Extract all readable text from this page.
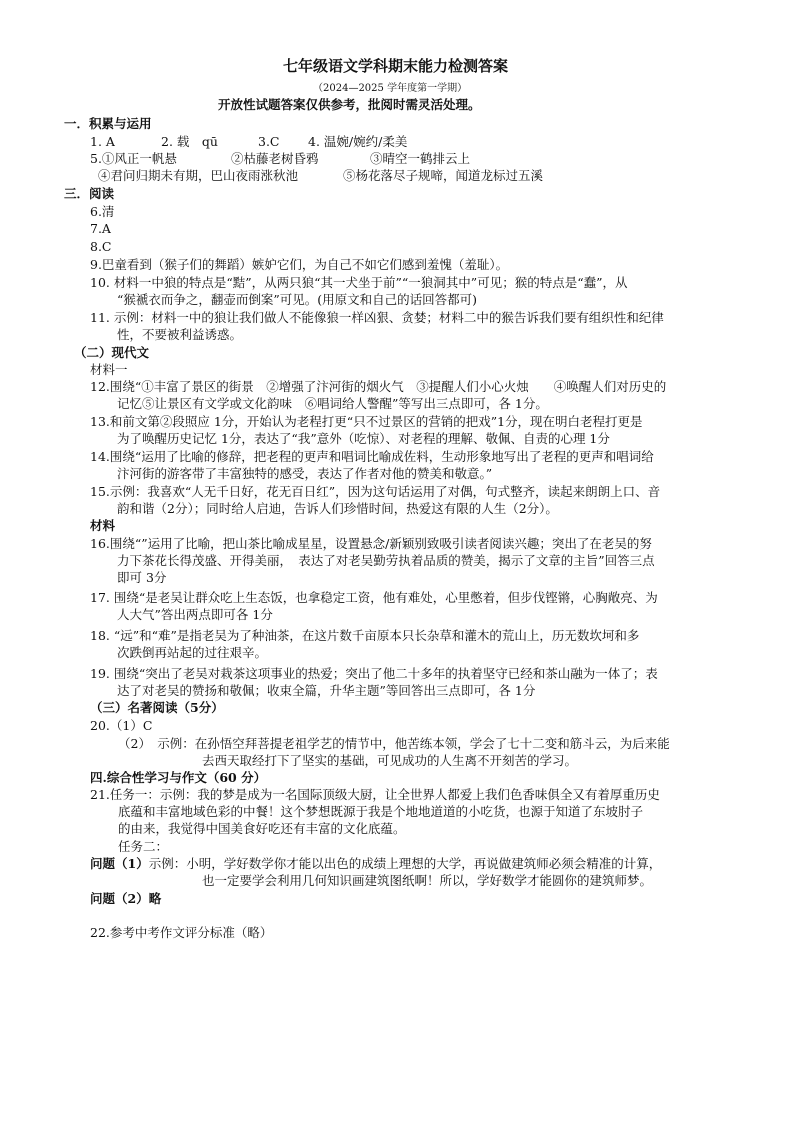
七年级语文学科期末能力检测答案
（2024—2025 学年度第一学期）
开放性试题答案仅供参考，批阅时需灵活处理。
一．积累与运用
1. A	2. 载　qū	3.C 4. 温婉/婉约/柔美
5.①风正一帆悬	②枯藤老树昏鸦	③晴空一鹤排云上
④君问归期未有期，巴山夜雨涨秋池	⑤杨花落尽子规啼，闻道龙标过五溪
三．阅读
6.清
7.A
8.C
9.巴童看到（猴子们的舞蹈）嫉妒它们，为自己不如它们感到羞愧（羞耻）。
10. 材料一中狼的特点是“黠”，从两只狼“其一犬坐于前”“一狼洞其中”可见；猴的特点是“蠢”，从
“猴褫衣而争之，翻壶而倒案”可见。(用原文和自己的话回答都可)
11. 示例：材料一中的狼让我们做人不能像狼一样凶狠、贪婪；材料二中的猴告诉我们要有组织性和纪律
性，不要被利益诱惑。
（二）现代文
材料一
12.围绕“①丰富了景区的街景　②增强了汴河街的烟火气　③提醒人们小心火烛　　④唤醒人们对历史的
记忆⑤让景区有文学或文化韵味　⑥唱词给人警醒”等写出三点即可，各 1分。
13.和前文第②段照应 1分，开始认为老程打更“只不过景区的营销的把戏”1分，现在明白老程打更是
为了唤醒历史记忆 1分，表达了“我”意外（吃惊）、对老程的理解、敬佩、自责的心理 1分
14.围绕“运用了比喻的修辞，把老程的更声和唱词比喻成佐料，生动形象地写出了老程的更声和唱词给
汴河街的游客带了丰富独特的感受，表达了作者对他的赞美和敬意。”
15.示例：我喜欢“人无千日好，花无百日红”，因为这句话运用了对偶，句式整齐，读起来朗朗上口、音
韵和谐（2分）；同时给人启迪，告诉人们珍惜时间，热爱这有限的人生（2分）。
材料
16.围绕“”运用了比喻，把山茶比喻成星星，设置悬念/新颖别致吸引读者阅读兴趣；突出了在老吴的努
力下茶花长得茂盛、开得美丽，　表达了对老吴勤劳执着品质的赞美，揭示了文章的主旨”回答三点
即可 3分
17. 围绕“是老吴让群众吃上生态饭，也拿稳定工资，他有难处，心里憋着，但步伐铿锵，心胸敞亮、为
人大气”答出两点即可各 1分
18. “远”和“难”是指老吴为了种油茶，在这片数千亩原本只长杂草和灌木的荒山上，历无数坎坷和多
次跌倒再站起的过往艰辛。
19. 围绕“突出了老吴对栽茶这项事业的热爱；突出了他二十多年的执着坚守已经和茶山融为一体了；表
达了对老吴的赞扬和敬佩；收束全篇，升华主题”等回答出三点即可，各 1分
（三）名著阅读（5分）
20.（1）C
（2）　示例：在孙悟空拜菩提老祖学艺的情节中，他苦练本领，学会了七十二变和筋斗云，为后来能
去西天取经打下了坚实的基础，可见成功的人生离不开刻苦的学习。
四.综合性学习与作文（60 分）
21.任务一：示例：我的梦是成为一名国际顶级大厨，让全世界人都爱上我们色香味俱全又有着厚重历史
底蕴和丰富地域色彩的中餐！这个梦想既源于我是个地地道道的小吃货，也源于知道了东坡肘子
的由来，我觉得中国美食好吃还有丰富的文化底蕴。
任务二：
问题（1）示例：小明，学好数学你才能以出色的成绩上理想的大学，再说做建筑师必须会精准的计算，
也一定要学会利用几何知识画建筑图纸啊！所以，学好数学才能圆你的建筑师梦。
问题（2）略
22.参考中考作文评分标准（略）
